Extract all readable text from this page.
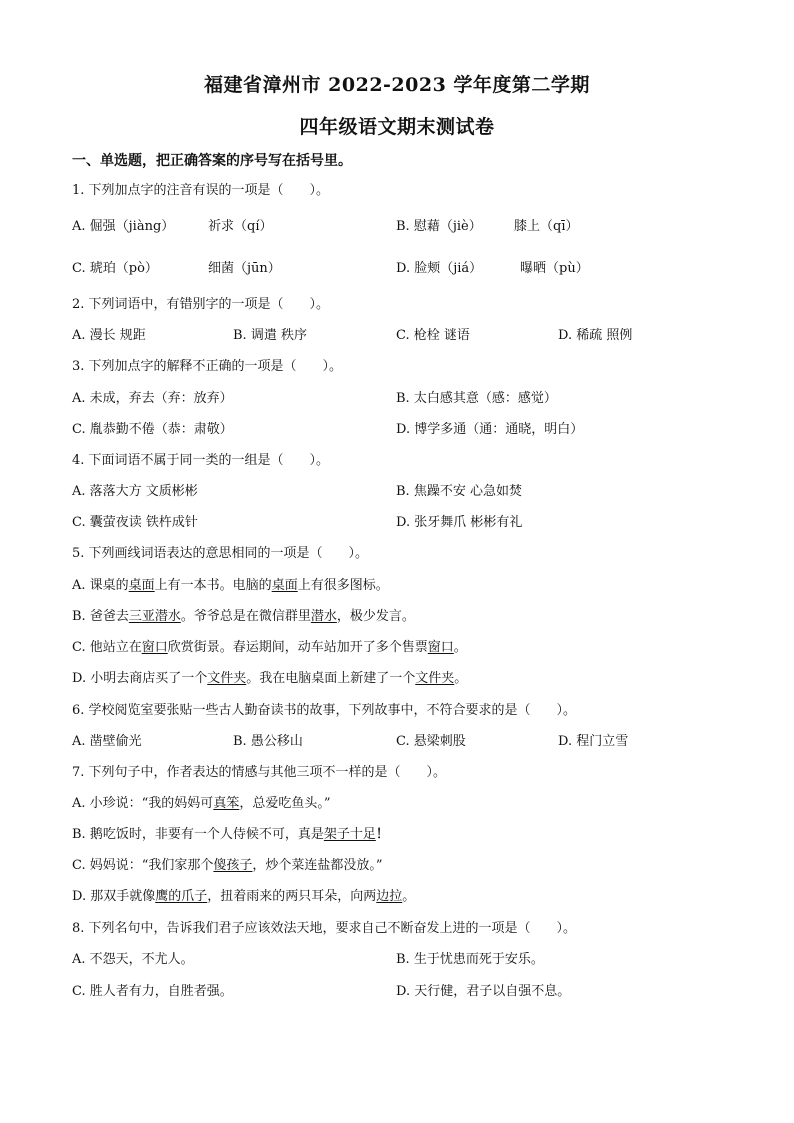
福建省漳州市 2022-2023 学年度第二学期
四年级语文期末测试卷
一、单选题，把正确答案的序号写在括号里。
1. 下列加点字的注音有误的一项是（　　）。
A. 倔强（jiàng）	祈求（qí）	B. 慰藉（jiè） 膝上（qī）
C. 琥珀（pò）	细菌（jūn）	D. 脸颊（jiá）	曝晒（pù）
2. 下列词语中，有错别字的一项是（　　）。
A. 漫长 规距	B. 调遣 秩序	C. 枪栓 谜语	D. 稀疏 照例
3. 下列加点字的解释不正确的一项是（　　）。
A. 未成，弃去（弃：放弃）	B. 太白感其意（感：感觉）
C. 胤恭勤不倦（恭：肃敬）	D. 博学多通（通：通晓，明白）
4. 下面词语不属于同一类的一组是（　　）。
A. 落落大方 文质彬彬	B. 焦躁不安 心急如焚
C. 囊萤夜读 铁杵成针	D. 张牙舞爪 彬彬有礼
5. 下列画线词语表达的意思相同的一项是（　　）。
A. 课桌的桌面上有一本书。电脑的桌面上有很多图标。
B. 爸爸去三亚潜水。爷爷总是在微信群里潜水，极少发言。
C. 他站立在窗口欣赏街景。春运期间，动车站加开了多个售票窗口。
D. 小明去商店买了一个文件夹。我在电脑桌面上新建了一个文件夹。
6. 学校阅览室要张贴一些古人勤奋读书的故事，下列故事中，不符合要求的是（　　）。
A. 凿壁偷光	B. 愚公移山	C. 悬梁刺股	D. 程门立雪
7. 下列句子中，作者表达的情感与其他三项不一样的是（　　）。
A. 小珍说：“我的妈妈可真笨，总爱吃鱼头。”
B. 鹅吃饭时，非要有一个人侍候不可，真是架子十足！
C. 妈妈说：“我们家那个傻孩子，炒个菜连盐都没放。”
D. 那双手就像鹰的爪子，扭着雨来的两只耳朵，向两边拉。
8. 下列名句中，告诉我们君子应该效法天地，要求自己不断奋发上进的一项是（　　）。
A. 不怨天，不尤人。	B. 生于忧患而死于安乐。
C. 胜人者有力，自胜者强。	D. 天行健，君子以自强不息。
